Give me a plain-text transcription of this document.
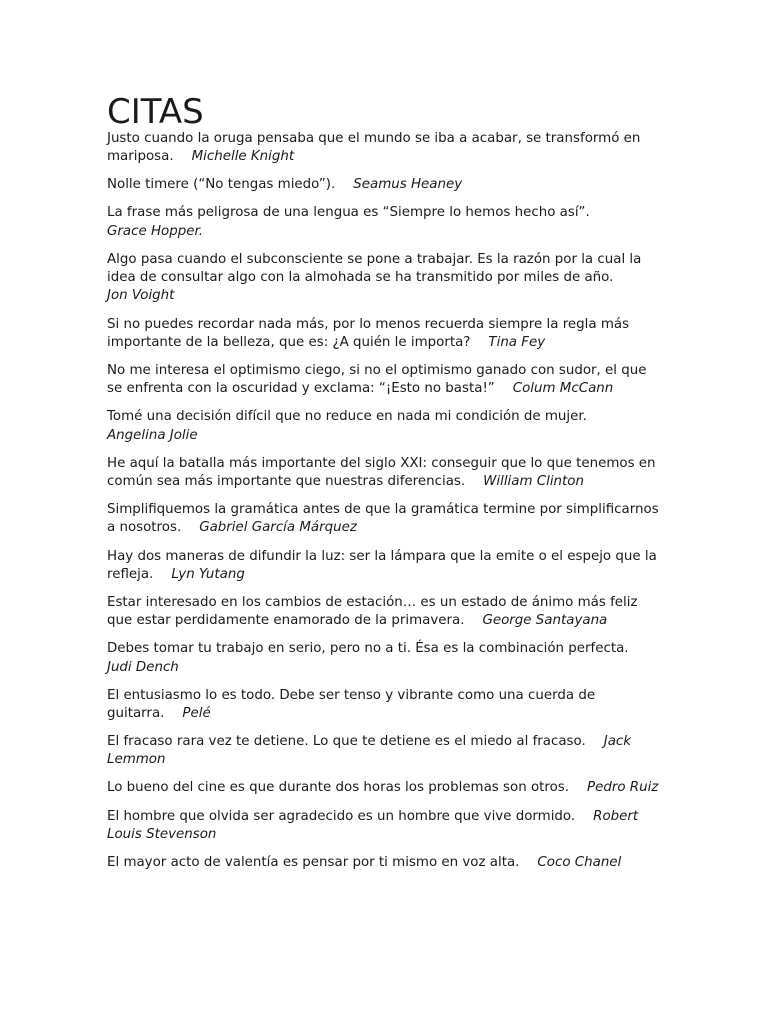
CITAS

Justo cuando la oruga pensaba que el mundo se iba a acabar, se transformó en mariposa. Michelle Knight

Nolle timere (“No tengas miedo”). Seamus Heaney

La frase más peligrosa de una lengua es “Siempre lo hemos hecho así”.
Grace Hopper.

Algo pasa cuando el subconsciente se pone a trabajar. Es la razón por la cual la idea de consultar algo con la almohada se ha transmitido por miles de año.
Jon Voight

Si no puedes recordar nada más, por lo menos recuerda siempre la regla más importante de la belleza, que es: ¿A quién le importa? Tina Fey

No me interesa el optimismo ciego, si no el optimismo ganado con sudor, el que se enfrenta con la oscuridad y exclama: “¡Esto no basta!” Colum McCann

Tomé una decisión difícil que no reduce en nada mi condición de mujer.
Angelina Jolie

He aquí la batalla más importante del siglo XXI: conseguir que lo que tenemos en común sea más importante que nuestras diferencias. William Clinton

Simplifiquemos la gramática antes de que la gramática termine por simplificarnos a nosotros. Gabriel García Márquez

Hay dos maneras de difundir la luz: ser la lámpara que la emite o el espejo que la refleja. Lyn Yutang

Estar interesado en los cambios de estación… es un estado de ánimo más feliz que estar perdidamente enamorado de la primavera. George Santayana

Debes tomar tu trabajo en serio, pero no a ti. Ésa es la combinación perfecta.
Judi Dench

El entusiasmo lo es todo. Debe ser tenso y vibrante como una cuerda de guitarra. Pelé

El fracaso rara vez te detiene. Lo que te detiene es el miedo al fracaso. Jack Lemmon

Lo bueno del cine es que durante dos horas los problemas son otros. Pedro Ruiz

El hombre que olvida ser agradecido es un hombre que vive dormido. Robert Louis Stevenson

El mayor acto de valentía es pensar por ti mismo en voz alta. Coco Chanel
